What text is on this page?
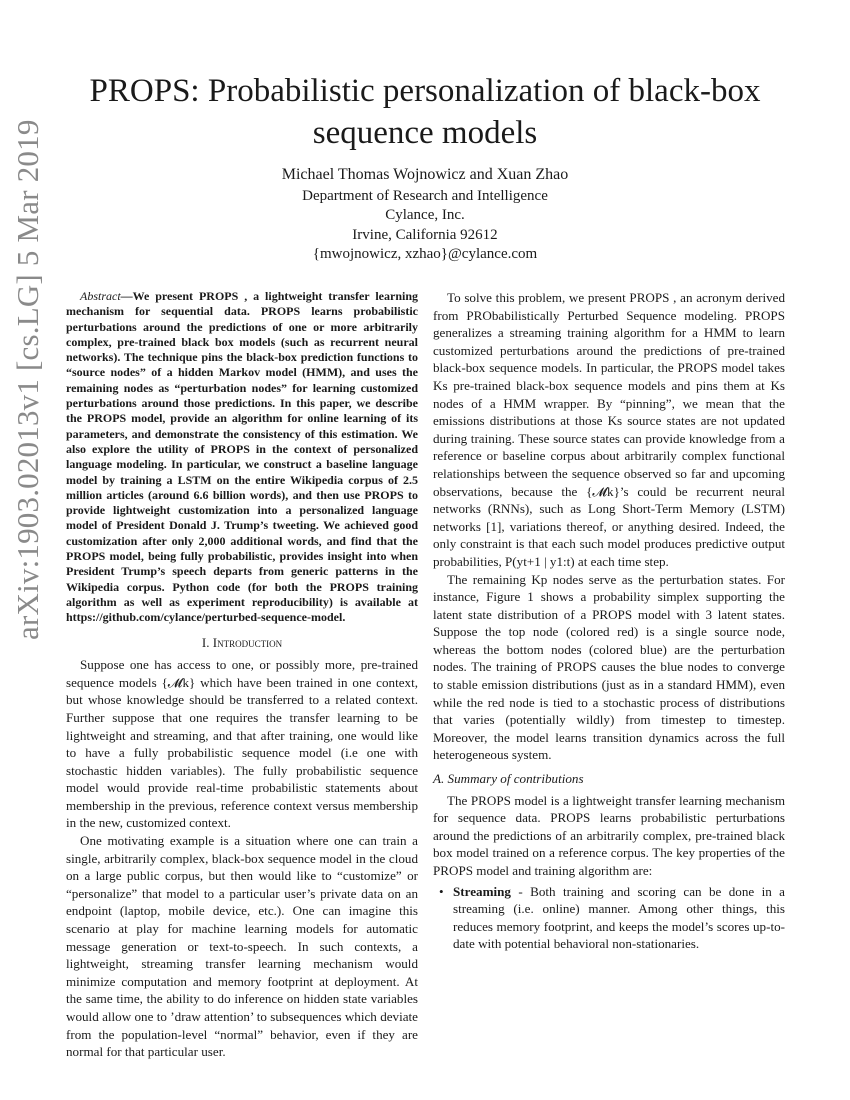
arXiv:1903.02013v1 [cs.LG] 5 Mar 2019
PROPS: Probabilistic personalization of black-box sequence models
Michael Thomas Wojnowicz and Xuan Zhao
Department of Research and Intelligence
Cylance, Inc.
Irvine, California 92612
{mwojnowicz, xzhao}@cylance.com

Abstract—We present PROPS , a lightweight transfer learning mechanism for sequential data. PROPS learns probabilistic perturbations around the predictions of one or more arbitrarily complex, pre-trained black box models (such as recurrent neural networks). The technique pins the black-box prediction functions to “source nodes” of a hidden Markov model (HMM), and uses the remaining nodes as “perturbation nodes” for learning customized perturbations around those predictions. In this paper, we describe the PROPS model, provide an algorithm for online learning of its parameters, and demonstrate the consistency of this estimation. We also explore the utility of PROPS in the context of personalized language modeling. In particular, we construct a baseline language model by training a LSTM on the entire Wikipedia corpus of 2.5 million articles (around 6.6 billion words), and then use PROPS to provide lightweight customization into a personalized language model of President Donald J. Trump’s tweeting. We achieved good customization after only 2,000 additional words, and find that the PROPS model, being fully probabilistic, provides insight into when President Trump’s speech departs from generic patterns in the Wikipedia corpus. Python code (for both the PROPS training algorithm as well as experiment reproducibility) is available at https://github.com/cylance/perturbed-sequence-model.

I. Introduction

Suppose one has access to one, or possibly more, pre-trained sequence models {𝓜k} which have been trained in one context, but whose knowledge should be transferred to a related context. Further suppose that one requires the transfer learning to be lightweight and streaming, and that after training, one would like to have a fully probabilistic sequence model (i.e one with stochastic hidden variables). The fully probabilistic sequence model would provide real-time probabilistic statements about membership in the previous, reference context versus membership in the new, customized context.

One motivating example is a situation where one can train a single, arbitrarily complex, black-box sequence model in the cloud on a large public corpus, but then would like to “customize” or “personalize” that model to a particular user’s private data on an endpoint (laptop, mobile device, etc.). One can imagine this scenario at play for machine learning models for automatic message generation or text-to-speech. In such contexts, a lightweight, streaming transfer learning mechanism would minimize computation and memory footprint at deployment. At the same time, the ability to do inference on hidden state variables would allow one to ’draw attention’ to subsequences which deviate from the population-level “normal” behavior, even if they are normal for that particular user.

To solve this problem, we present PROPS , an acronym derived from PRObabilistically Perturbed Sequence modeling. PROPS generalizes a streaming training algorithm for a HMM to learn customized perturbations around the predictions of pre-trained black-box sequence models. In particular, the PROPS model takes Ks pre-trained black-box sequence models and pins them at Ks nodes of a HMM wrapper. By “pinning”, we mean that the emissions distributions at those Ks source states are not updated during training. These source states can provide knowledge from a reference or baseline corpus about arbitrarily complex functional relationships between the sequence observed so far and upcoming observations, because the {𝓜k}’s could be recurrent neural networks (RNNs), such as Long Short-Term Memory (LSTM) networks [1], variations thereof, or anything desired. Indeed, the only constraint is that each such model produces predictive output probabilities, P(yt+1 | y1:t) at each time step.

The remaining Kp nodes serve as the perturbation states. For instance, Figure 1 shows a probability simplex supporting the latent state distribution of a PROPS model with 3 latent states. Suppose the top node (colored red) is a single source node, whereas the bottom nodes (colored blue) are the perturbation nodes. The training of PROPS causes the blue nodes to converge to stable emission distributions (just as in a standard HMM), even while the red node is tied to a stochastic process of distributions that varies (potentially wildly) from timestep to timestep. Moreover, the model learns transition dynamics across the full heterogeneous system.

A. Summary of contributions

The PROPS model is a lightweight transfer learning mechanism for sequence data. PROPS learns probabilistic perturbations around the predictions of an arbitrarily complex, pre-trained black box model trained on a reference corpus. The key properties of the PROPS model and training algorithm are:

• Streaming - Both training and scoring can be done in a streaming (i.e. online) manner. Among other things, this reduces memory footprint, and keeps the model’s scores up-to-date with potential behavioral non-stationaries.
